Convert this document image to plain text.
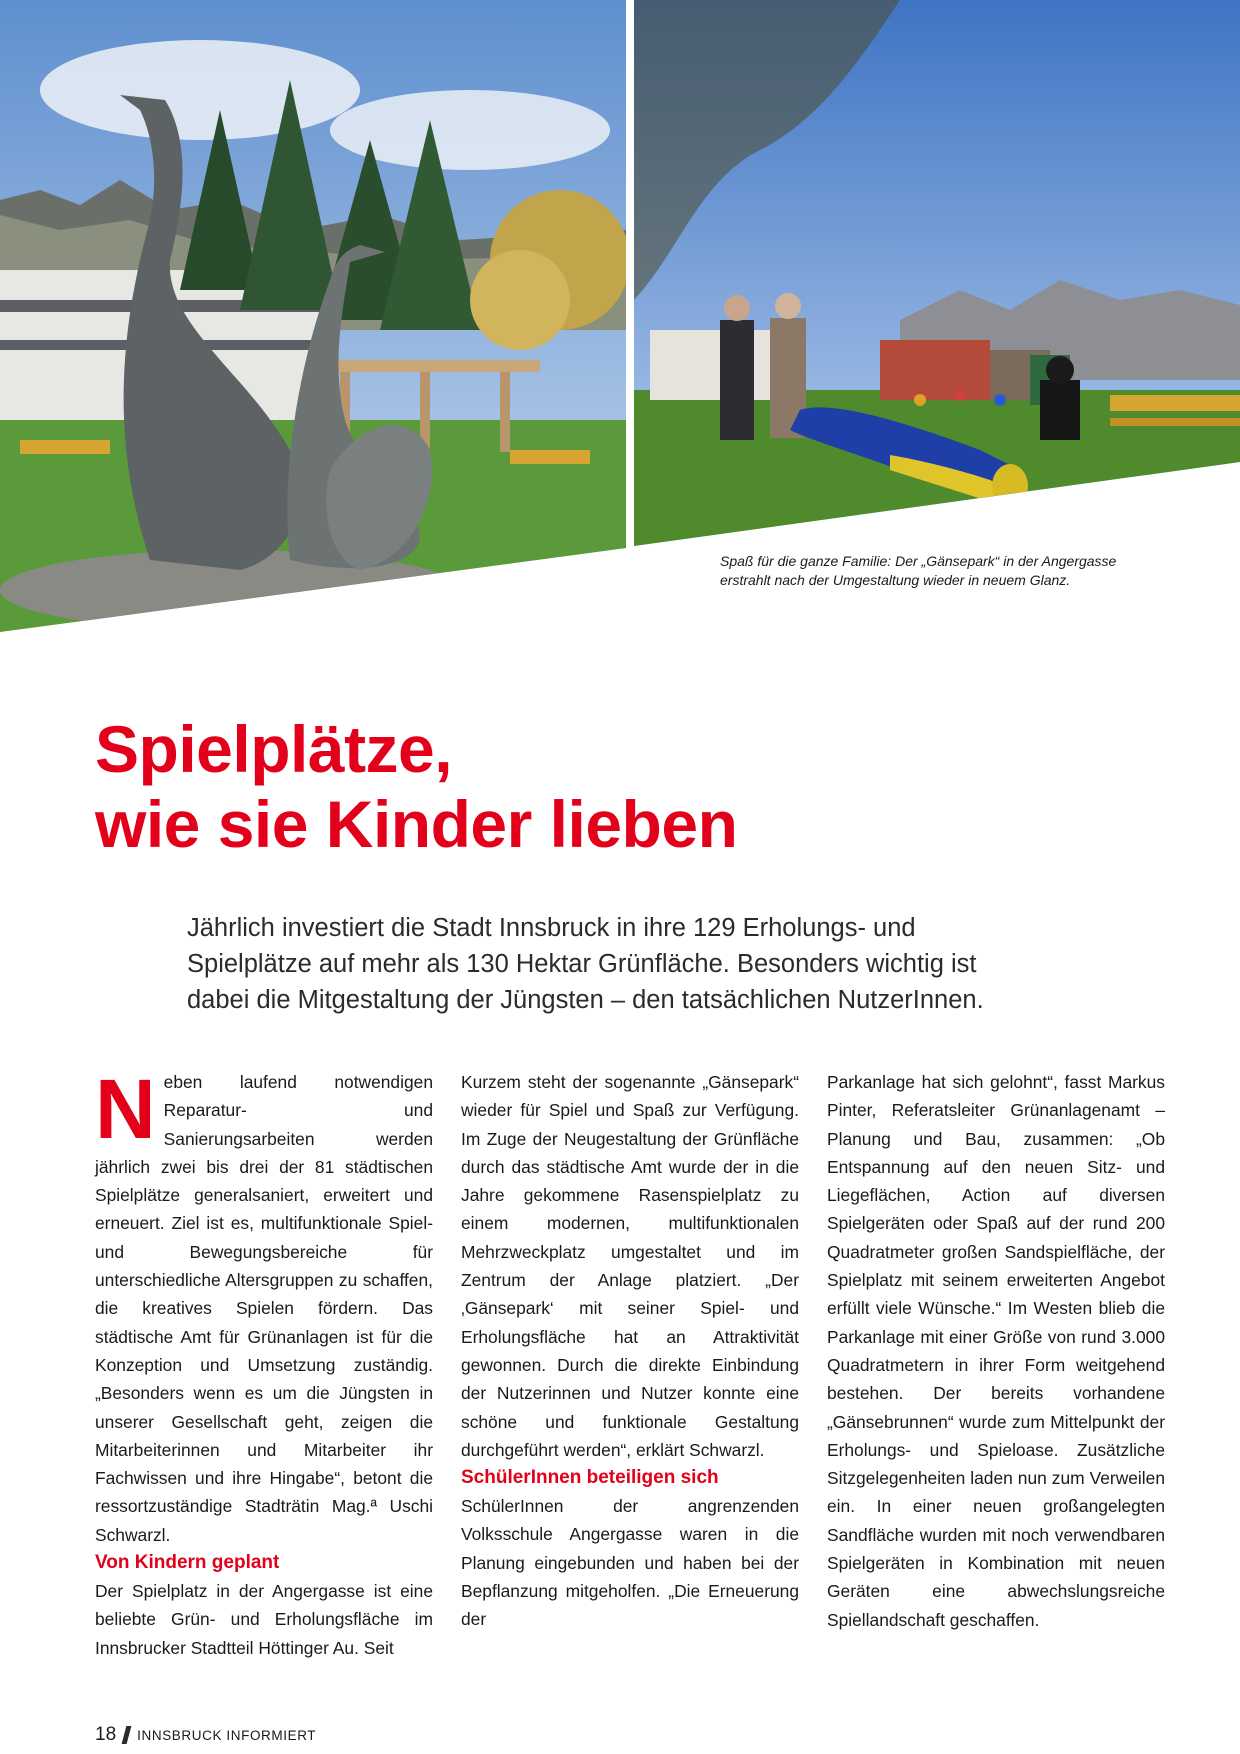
© M. FREINHOFER (2)
Spaß für die ganze Familie: Der „Gänsepark“ in der Angergasse erstrahlt nach der Umgestaltung wieder in neuem Glanz.
Spielplätze,
wie sie Kinder lieben

Jährlich investiert die Stadt Innsbruck in ihre 129 Erholungs- und Spielplätze auf mehr als 130 Hektar Grünfläche. Besonders wichtig ist dabei die Mitgestaltung der Jüngsten – den tatsächlichen NutzerInnen.

Neben laufend notwendigen Reparatur- und Sanierungsarbeiten werden jährlich zwei bis drei der 81 städtischen Spielplätze generalsaniert, erweitert und erneuert. Ziel ist es, multifunktionale Spiel- und Bewegungsbereiche für unterschiedliche Altersgruppen zu schaffen, die kreatives Spielen fördern. Das städtische Amt für Grünanlagen ist für die Konzeption und Umsetzung zuständig. „Besonders wenn es um die Jüngsten in unserer Gesellschaft geht, zeigen die Mitarbeiterinnen und Mitarbeiter ihr Fachwissen und ihre Hingabe“, betont die ressortzuständige Stadträtin Mag.ª Uschi Schwarzl.

Von Kindern geplant

Der Spielplatz in der Angergasse ist eine beliebte Grün- und Erholungsfläche im Innsbrucker Stadtteil Höttinger Au. Seit

Kurzem steht der sogenannte „Gänsepark“ wieder für Spiel und Spaß zur Verfügung. Im Zuge der Neugestaltung der Grünfläche durch das städtische Amt wurde der in die Jahre gekommene Rasenspielplatz zu einem modernen, multifunktionalen Mehrzweckplatz umgestaltet und im Zentrum der Anlage platziert. „Der ‚Gänsepark‘ mit seiner Spiel- und Erholungsfläche hat an Attraktivität gewonnen. Durch die direkte Einbindung der Nutzerinnen und Nutzer konnte eine schöne und funktionale Gestaltung durchgeführt werden“, erklärt Schwarzl.

SchülerInnen beteiligen sich

SchülerInnen der angrenzenden Volksschule Angergasse waren in die Planung eingebunden und haben bei der Bepflanzung mitgeholfen. „Die Erneuerung der

Parkanlage hat sich gelohnt“, fasst Markus Pinter, Referatsleiter Grünanlagenamt – Planung und Bau, zusammen: „Ob Entspannung auf den neuen Sitz- und Liegeflächen, Action auf diversen Spielgeräten oder Spaß auf der rund 200 Quadratmeter großen Sandspielfläche, der Spielplatz mit seinem erweiterten Angebot erfüllt viele Wünsche.“ Im Westen blieb die Parkanlage mit einer Größe von rund 3.000 Quadratmetern in ihrer Form weitgehend bestehen. Der bereits vorhandene „Gänsebrunnen“ wurde zum Mittelpunkt der Erholungs- und Spieloase. Zusätzliche Sitzgelegenheiten laden nun zum Verweilen ein. In einer neuen großangelegten Sandfläche wurden mit noch verwendbaren Spielgeräten in Kombination mit neuen Geräten eine abwechslungsreiche Spiellandschaft geschaffen.

18 INNSBRUCK INFORMIERT
